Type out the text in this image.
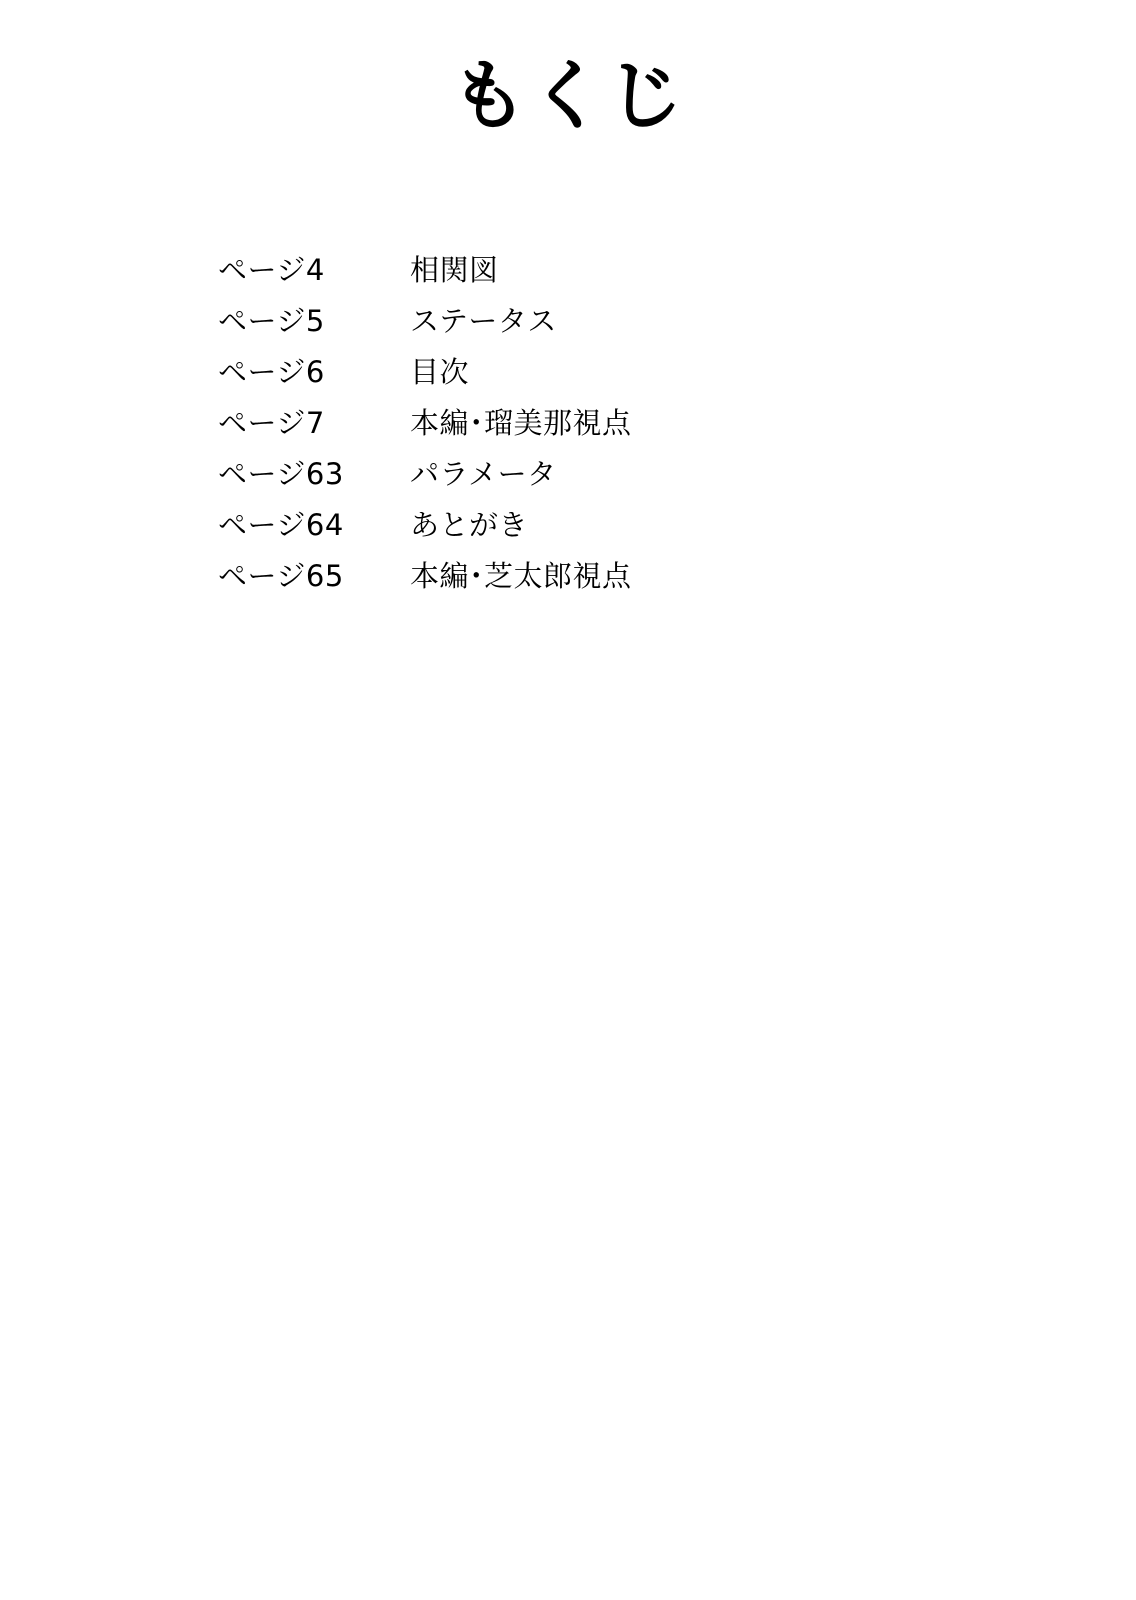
もくじ
ページ4	相関図
ページ5	ステータス
ページ6	目次
ページ7	本編･瑠美那視点
ページ63	パラメータ
ページ64	あとがき
ページ65	本編･芝太郎視点
